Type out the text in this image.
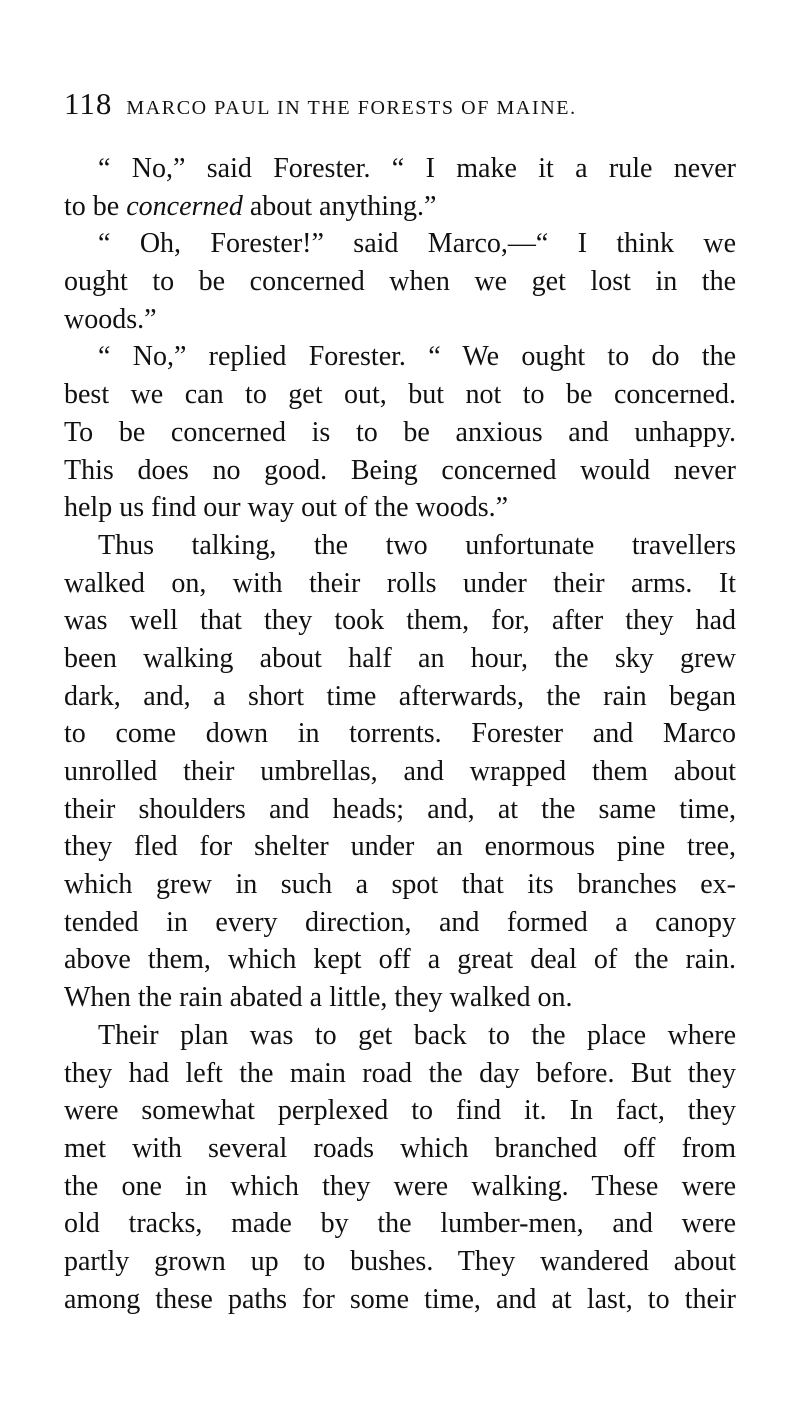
118 MARCO PAUL IN THE FORESTS OF MAINE.
“ No,” said Forester. “ I make it a rule never
to be concerned about anything.”
“ Oh, Forester!” said Marco,—“ I think we
ought to be concerned when we get lost in the
woods.”
“ No,” replied Forester. “ We ought to do the
best we can to get out, but not to be concerned.
To be concerned is to be anxious and unhappy.
This does no good. Being concerned would never
help us find our way out of the woods.”
Thus talking, the two unfortunate travellers
walked on, with their rolls under their arms. It
was well that they took them, for, after they had
been walking about half an hour, the sky grew
dark, and, a short time afterwards, the rain began
to come down in torrents. Forester and Marco
unrolled their umbrellas, and wrapped them about
their shoulders and heads; and, at the same time,
they fled for shelter under an enormous pine tree,
which grew in such a spot that its branches ex-
tended in every direction, and formed a canopy
above them, which kept off a great deal of the rain.
When the rain abated a little, they walked on.
Their plan was to get back to the place where
they had left the main road the day before. But they
were somewhat perplexed to find it. In fact, they
met with several roads which branched off from
the one in which they were walking. These were
old tracks, made by the lumber-men, and were
partly grown up to bushes. They wandered about
among these paths for some time, and at last, to their
